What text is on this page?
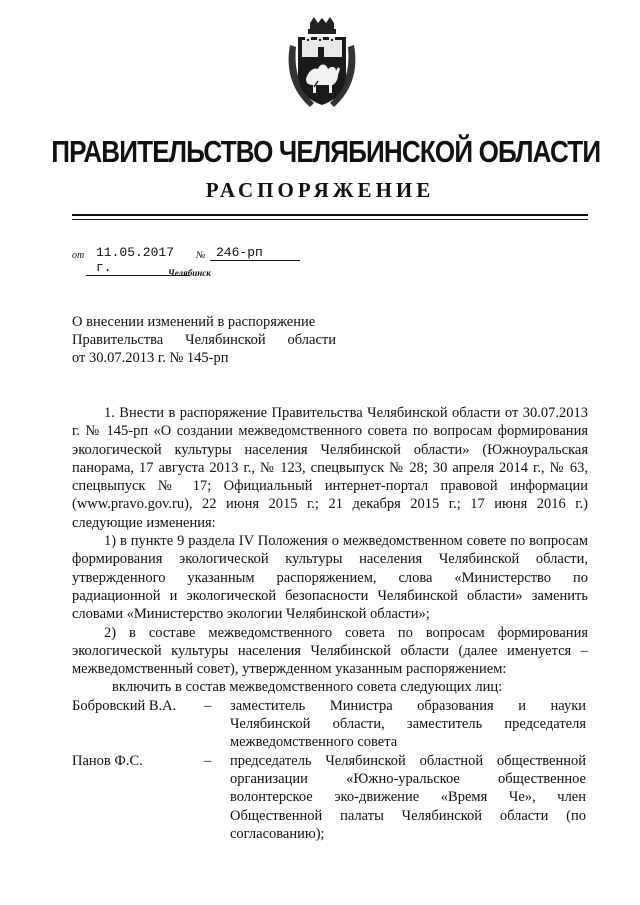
ПРАВИТЕЛЬСТВО ЧЕЛЯБИНСКОЙ ОБЛАСТИ
РАСПОРЯЖЕНИЕ
от 11.05.2017 г.
№ 246-рп
Челябинск
О внесении изменений в распоряжение
Правительства Челябинской области
от 30.07.2013 г. № 145-рп

1. Внести в распоряжение Правительства Челябинской области от 30.07.2013 г. № 145-рп «О создании межведомственного совета по вопросам формирования экологической культуры населения Челябинской области» (Южноуральская панорама, 17 августа 2013 г., № 123, спецвыпуск № 28; 30 апреля 2014 г., № 63, спецвыпуск № 17; Официальный интернет-портал правовой информации (www.pravo.gov.ru), 22 июня 2015 г.; 21 декабря 2015 г.; 17 июня 2016 г.) следующие изменения:

1) в пункте 9 раздела IV Положения о межведомственном совете по вопросам формирования экологической культуры населения Челябинской области, утвержденного указанным распоряжением, слова «Министерство по радиационной и экологической безопасности Челябинской области» заменить словами «Министерство экологии Челябинской области»;

2) в составе межведомственного совета по вопросам формирования экологической культуры населения Челябинской области (далее именуется – межведомственный совет), утвержденном указанным распоряжением:

включить в состав межведомственного совета следующих лиц:

Бобровский В.А.	–	заместитель Министра образования и науки Челябинской области, заместитель председателя межведомственного совета
Панов Ф.С.	–	председатель Челябинской областной общественной организации «Южно-уральское общественное волонтерское эко-движение «Время Че», член Общественной палаты Челябинской области (по согласованию);
